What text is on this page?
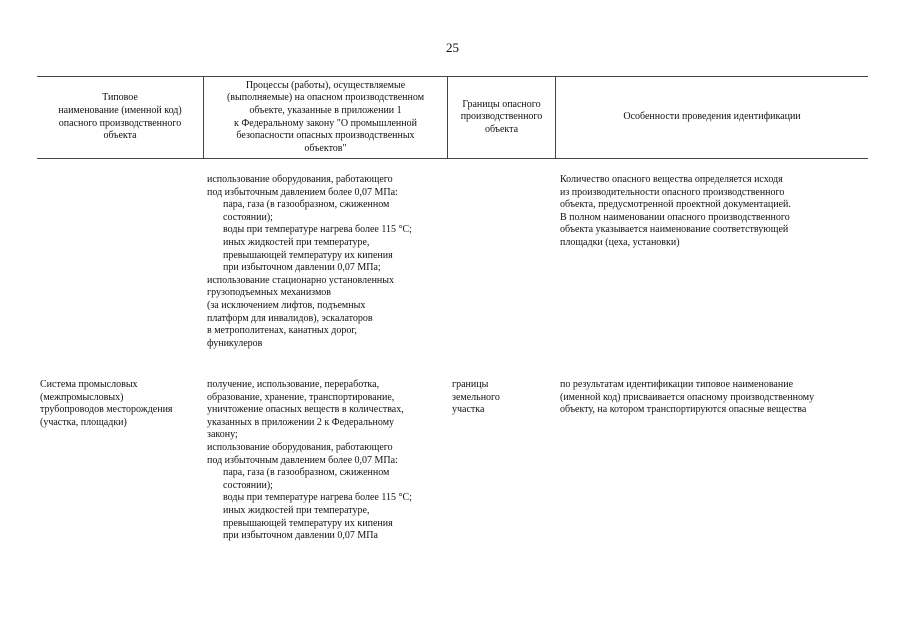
25
Типовое
наименование (именной код)
опасного производственного
объекта
Процессы (работы), осуществляемые
(выполняемые) на опасном производственном
объекте, указанные в приложении 1
к Федеральному закону "О промышленной
безопасности опасных производственных
объектов"
Границы опасного
производственного
объекта
Особенности проведения идентификации
использование оборудования, работающего
под избыточным давлением более 0,07 МПа:
пара, газа (в газообразном, сжиженном
состоянии);
воды при температуре нагрева более 115 °С;
иных жидкостей при температуре,
превышающей температуру их кипения
при избыточном давлении 0,07 МПа;
использование стационарно установленных
грузоподъемных механизмов
(за исключением лифтов, подъемных
платформ для инвалидов), эскалаторов
в метрополитенах, канатных дорог,
фуникулеров
Количество опасного вещества определяется исходя
из производительности опасного производственного
объекта, предусмотренной проектной документацией.
В полном наименовании опасного производственного
объекта указывается наименование соответствующей
площадки (цеха, установки)
Система промысловых
(межпромысловых)
трубопроводов месторождения
(участка, площадки)
получение, использование, переработка,
образование, хранение, транспортирование,
уничтожение опасных веществ в количествах,
указанных в приложении 2 к Федеральному
закону;
использование оборудования, работающего
под избыточным давлением более 0,07 МПа:
пара, газа (в газообразном, сжиженном
состоянии);
воды при температуре нагрева более 115 °С;
иных жидкостей при температуре,
превышающей температуру их кипения
при избыточном давлении 0,07 МПа
границы
земельного
участка
по результатам идентификации типовое наименование
(именной код) присваивается опасному производственному
объекту, на котором транспортируются опасные вещества
